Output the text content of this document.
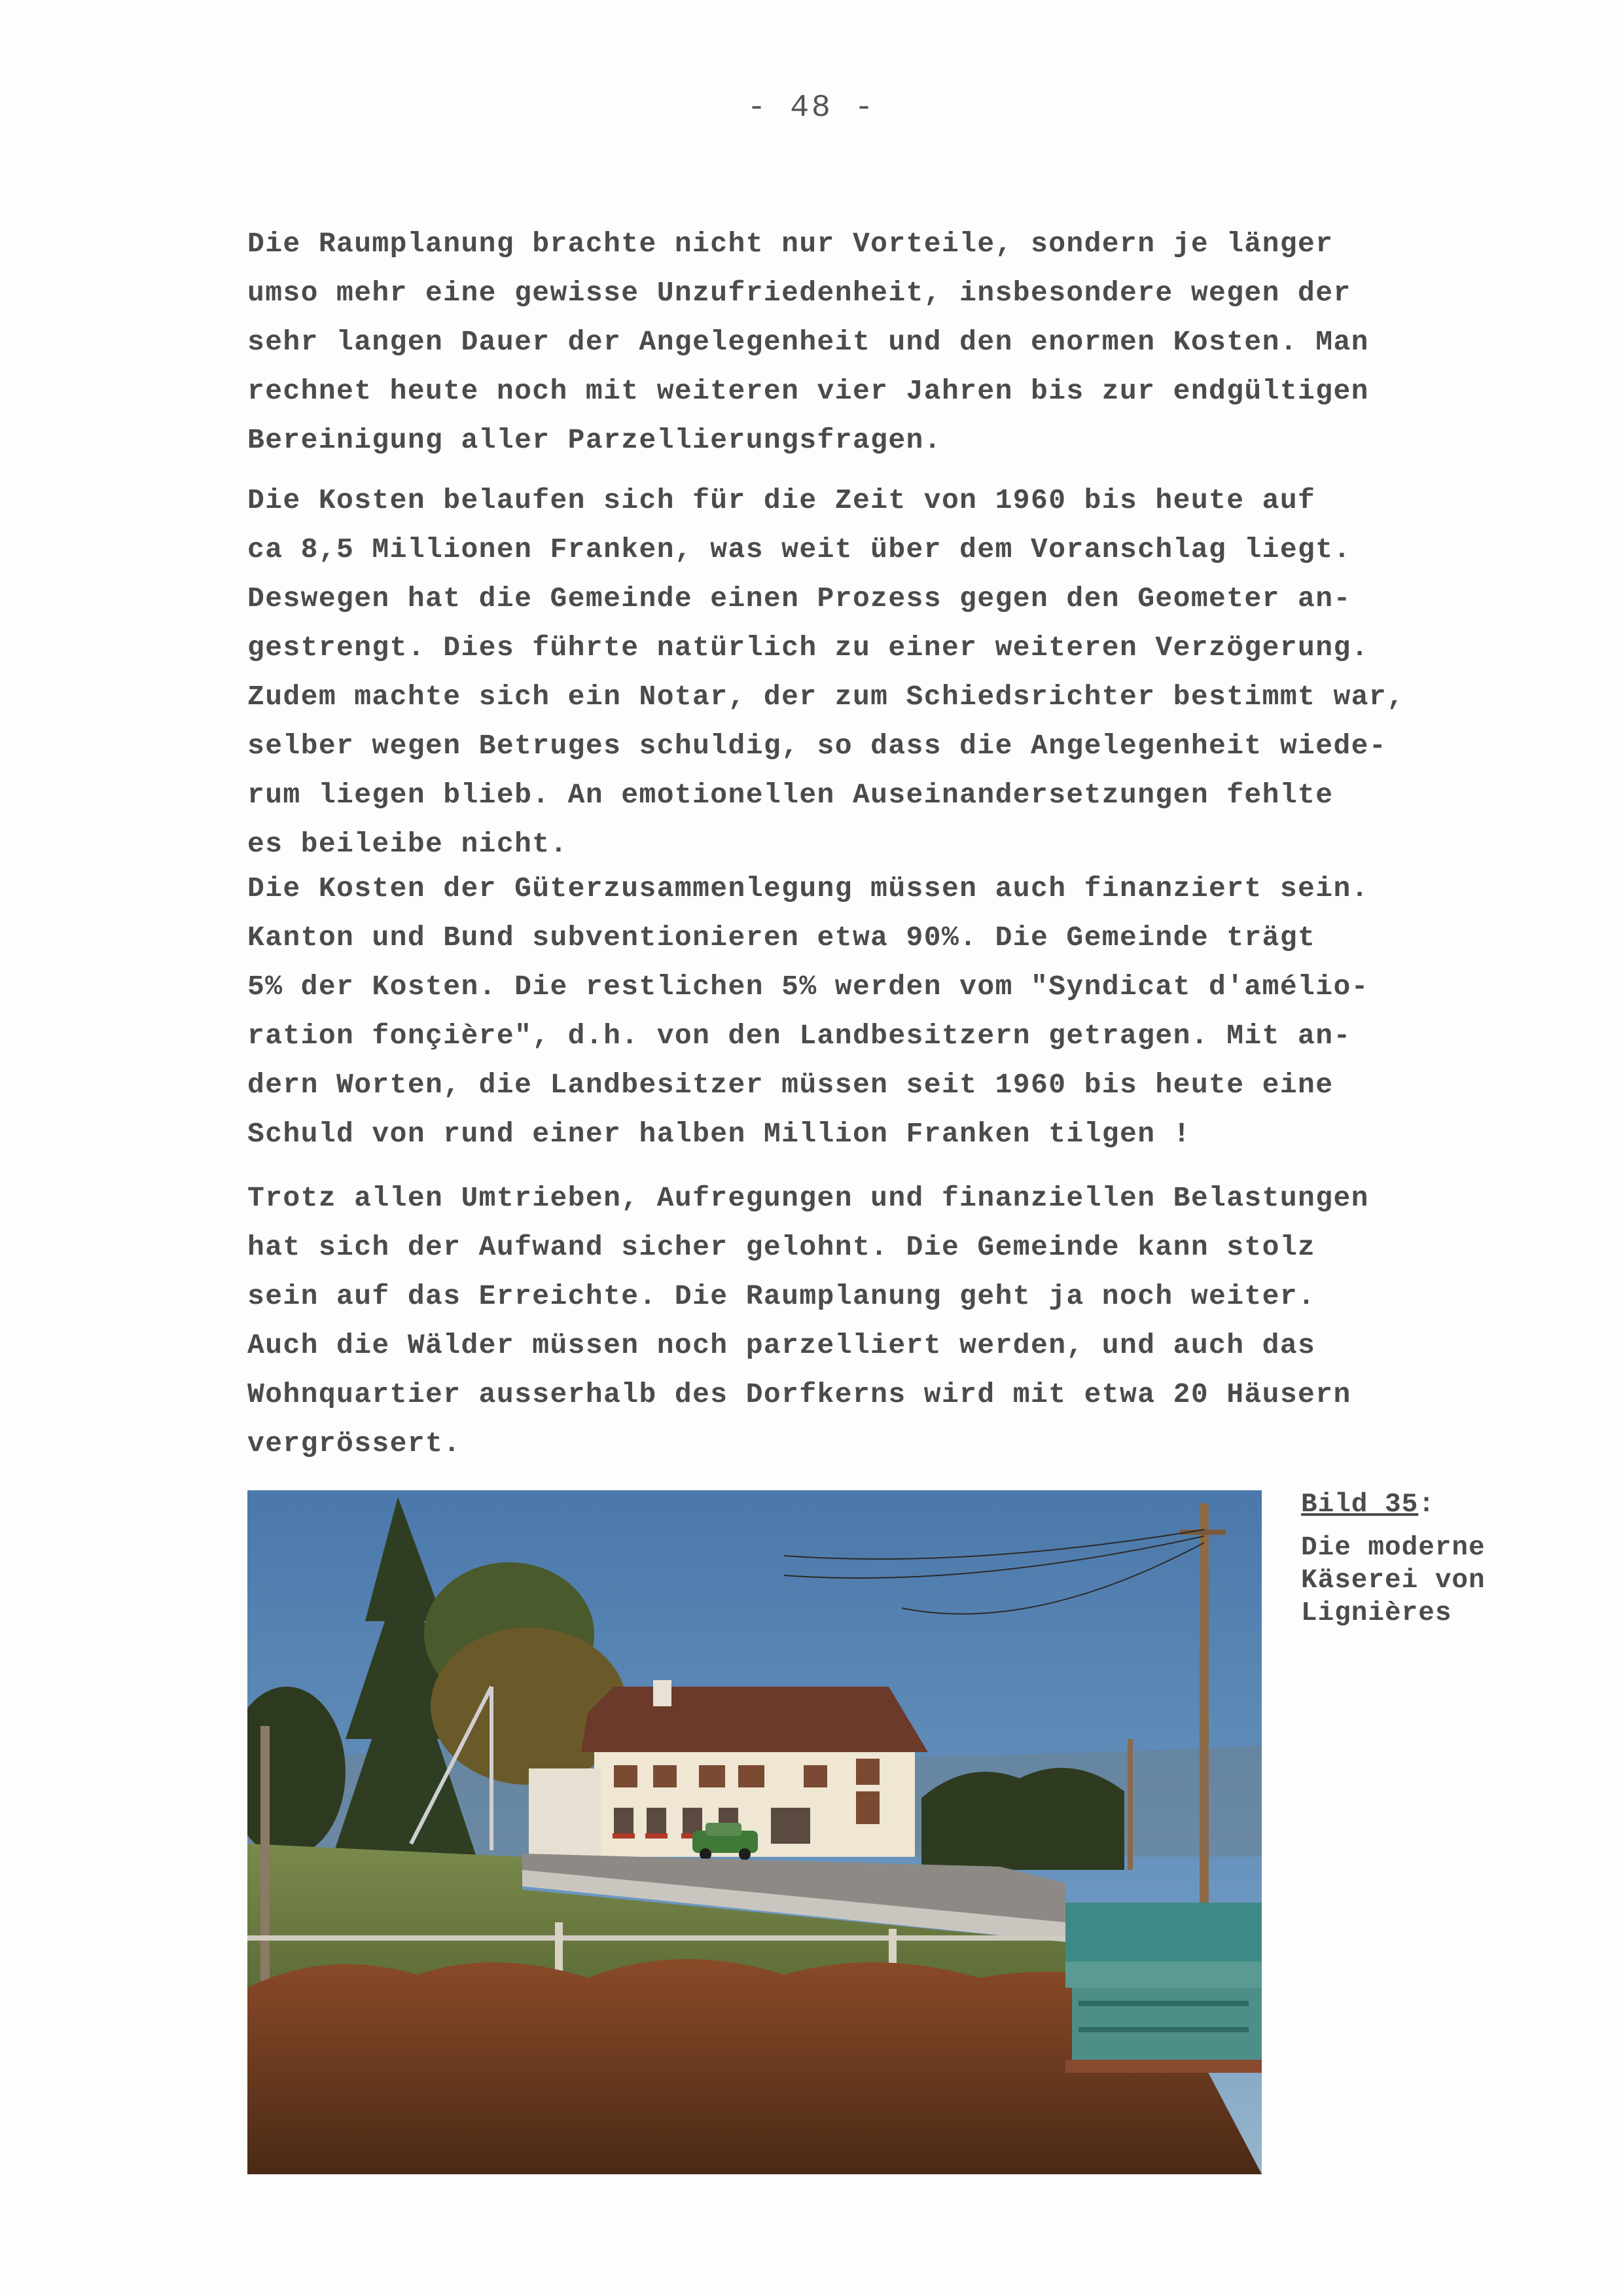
- 48 -
Die Raumplanung brachte nicht nur Vorteile, sondern je länger
umso mehr eine gewisse Unzufriedenheit, insbesondere wegen der
sehr langen Dauer der Angelegenheit und den enormen Kosten. Man
rechnet heute noch mit weiteren vier Jahren bis zur endgültigen
Bereinigung aller Parzellierungsfragen.
Die Kosten belaufen sich für die Zeit von 1960 bis heute auf
ca 8,5 Millionen Franken, was weit über dem Voranschlag liegt.
Deswegen hat die Gemeinde einen Prozess gegen den Geometer an-
gestrengt. Dies führte natürlich zu einer weiteren Verzögerung.
Zudem machte sich ein Notar, der zum Schiedsrichter bestimmt war,
selber wegen Betruges schuldig, so dass die Angelegenheit wiede-
rum liegen blieb. An emotionellen Auseinandersetzungen fehlte
es beileibe nicht.
Die Kosten der Güterzusammenlegung müssen auch finanziert sein.
Kanton und Bund subventionieren etwa 90%. Die Gemeinde trägt
5% der Kosten. Die restlichen 5% werden vom "Syndicat d'amélio-
ration fonçière", d.h. von den Landbesitzern getragen. Mit an-
dern Worten, die Landbesitzer müssen seit 1960 bis heute eine
Schuld von rund einer halben Million Franken tilgen !
Trotz allen Umtrieben, Aufregungen und finanziellen Belastungen
hat sich der Aufwand sicher gelohnt. Die Gemeinde kann stolz
sein auf das Erreichte. Die Raumplanung geht ja noch weiter.
Auch die Wälder müssen noch parzelliert werden, und auch das
Wohnquartier ausserhalb des Dorfkerns wird mit etwa 20 Häusern
vergrössert.
Bild 35:
Die moderne
Käserei von
Lignières
